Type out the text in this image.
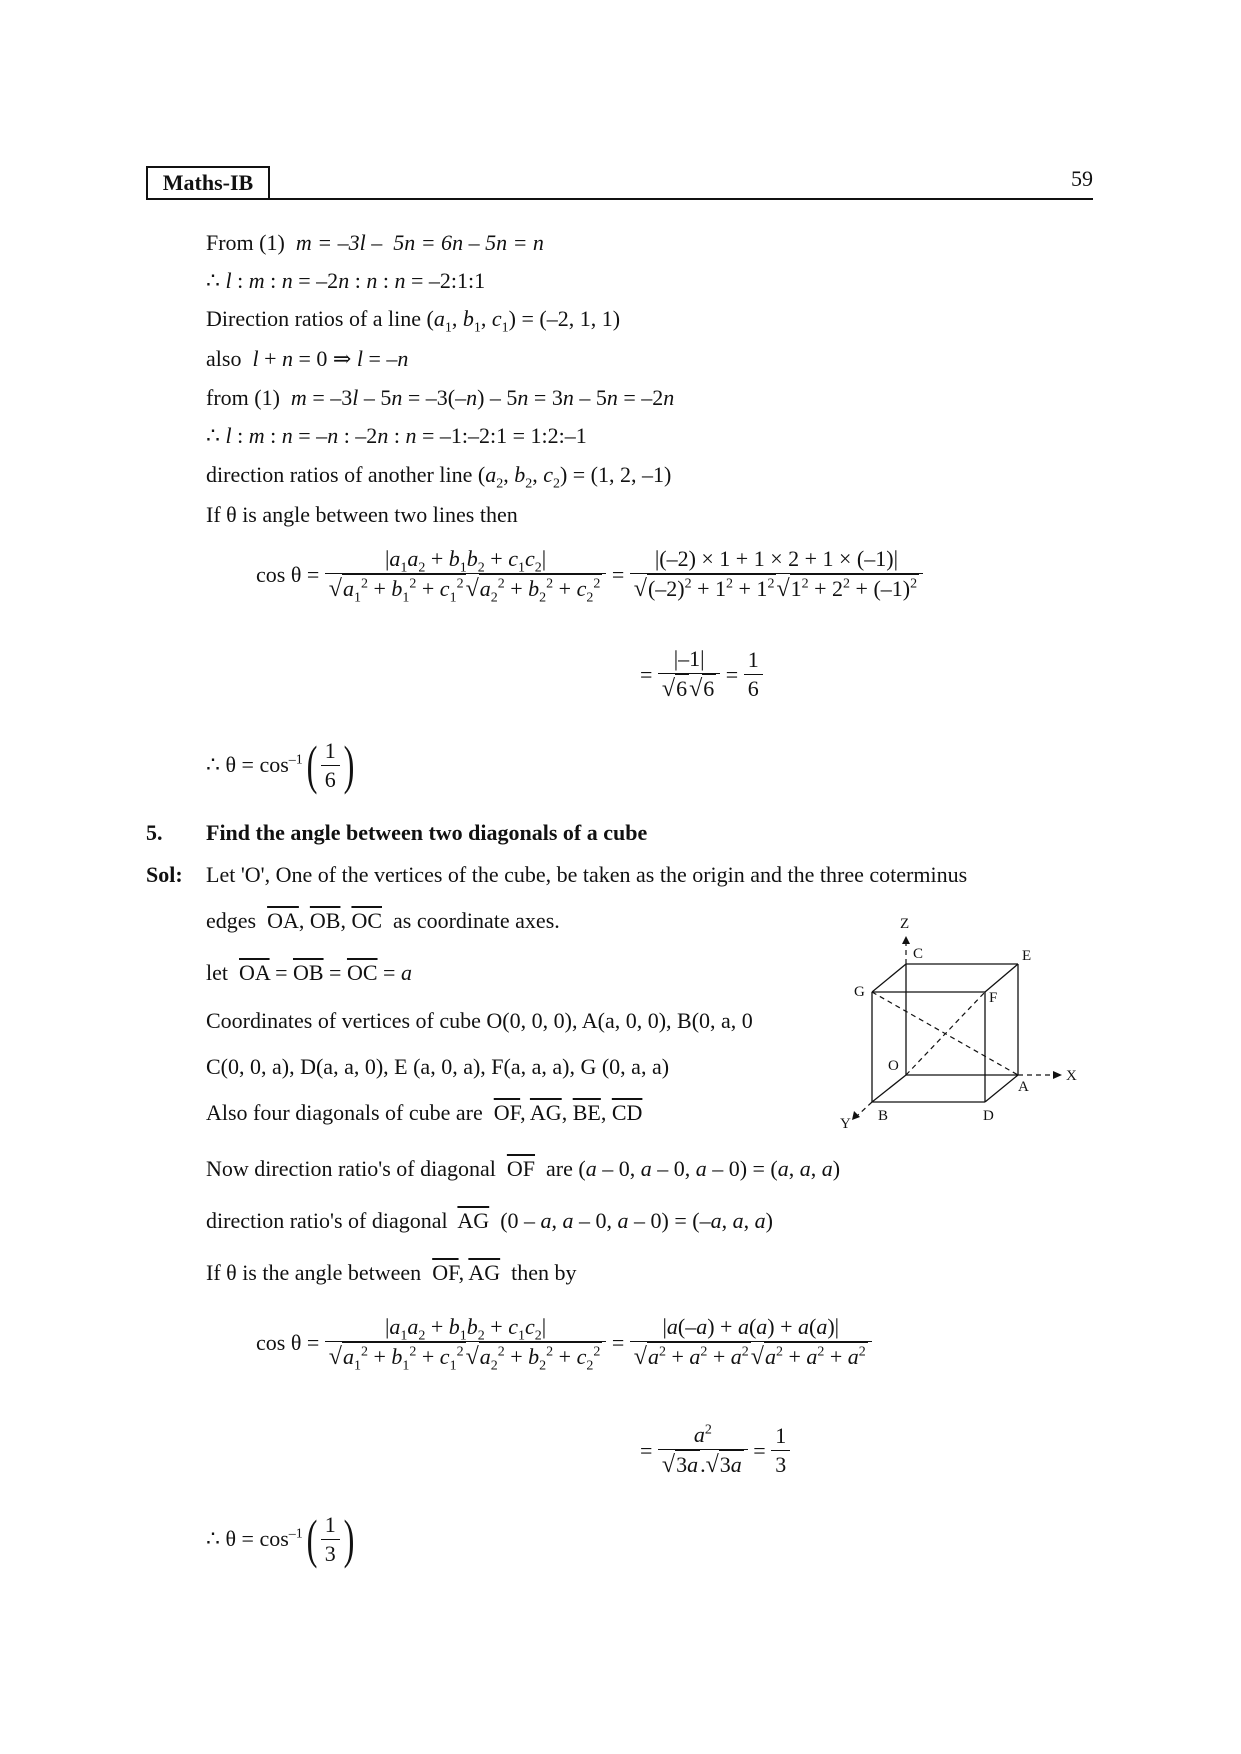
Maths-IB	59
From (1) m = –3l –  5n = 6n – 5n = n
∴ l : m : n = –2n : n : n = –2:1:1
Direction ratios of a line ($a_1$, $b_1$, $c_1) = (-2$, 1, 1)
also l + n = 0 ⇒ l = –n
from (1) m = –3l – 5n = –3(–n) – 5n = 3n – 5n = –2n
∴ l : m : n = –n : –2n : n = –1:–2:1 = 1:2:–1
direction ratios of another line ($a_2$, $b_2$, $c_2) = (1$, 2, –1)
If θ is angle between two lines then
$\cos \theta = \frac{|a_1a_2 + b_1b_2 + c_1c_2|}{√a_1^2 + b_1^2 + c_1^2√a_2^2 + b_2^2 + c_2^2} = \frac{|(-2) \times 1 + 1 \times 2 + 1 \times (-1)|}{√(-2)^2 + 1^2 + 1^2√1^2 + 2^2 + (-1)^2}$
= $\frac{|-1|}{√6√6} = \frac{1}{6}$
∴ $\theta = \cos^{-1}$ ( $\frac{1}{6}$ )
5. Find the angle between two diagonals of a cube
Sol: Let 'O', One of the vertices of the cube, be taken as the origin and the three coterminus
edges $\overline{OA}$, $\overline{OB}$, $\overline{OC}$ as coordinate axes.
let $\overline{OA} = \overline{OB} = \overline{OC} = a$
Coordinates of vertices of cube O(0, 0, 0), A(a, 0, 0), B(0, a, 0
C(0, 0, a), D(a, a, 0), E (a, 0, a), F(a, a, a), G (0, a, a)
Also four diagonals of cube are $\overline{OF}$, $\overline{AG}$, $\overline{BE}$, $\overline{CD}$
Now direction ratio's of diagonal $\overline{OF}$  are (a – 0, a – 0, a – 0) = (a, a, a)
direction ratio's of diagonal $\overline{AG}$  (0 – a, a – 0, a – 0) = (–a, a, a)
If θ is the angle between $\overline{OF}$, $\overline{AG}$ then by
$\cos \theta = \frac{|a_1a_2 + b_1b_2 + c_1c_2|}{√a_1^2 + b_1^2 + c_1^2√a_2^2 + b_2^2 + c_2^2} = \frac{|a(-a) + a(a) + a(a)|}{√a^2 + a^2 + a^2√a^2 + a^2 + a^2}$
= $\frac{a^2}{√3a.√3a} = \frac{1}{3}$
∴ $\theta = \cos^{-1}$ ( $\frac{1}{3}$ )
Z
X
Y
C	E
G	F
O
A
B	D
